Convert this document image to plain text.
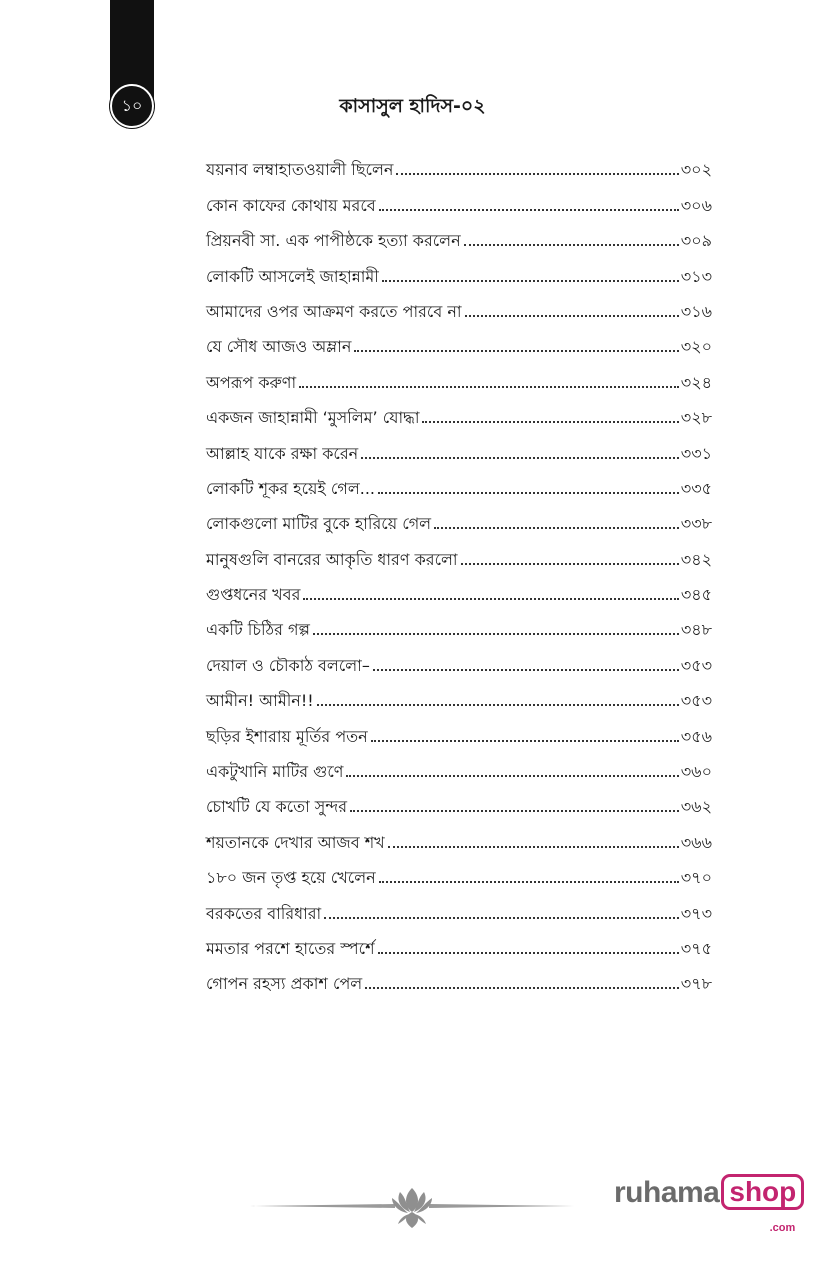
১০	কাসাসুল হাদিস-০২
যয়নাব লম্বাহাতওয়ালী ছিলেন	৩০২
কোন কাফের কোথায় মরবে	৩০৬
প্রিয়নবী সা. এক পাপীষ্ঠকে হত্যা করলেন	৩০৯
লোকটি আসলেই জাহান্নামী	৩১৩
আমাদের ওপর আক্রমণ করতে পারবে না	৩১৬
যে সৌধ আজও অম্লান	৩২০
অপরূপ করুণা	৩২৪
একজন জাহান্নামী ‘মুসলিম’ যোদ্ধা	৩২৮
আল্লাহ যাকে রক্ষা করেন	৩৩১
লোকটি শূকর হয়েই গেল...	৩৩৫
লোকগুলো মাটির বুকে হারিয়ে গেল	৩৩৮
মানুষগুলি বানরের আকৃতি ধারণ করলো	৩৪২
গুপ্তধনের খবর	৩৪৫
একটি চিঠির গল্প	৩৪৮
দেয়াল ও চৌকাঠ বললো–	৩৫৩
আমীন! আমীন!!	৩৫৩
ছড়ির ইশারায় মূর্তির পতন	৩৫৬
একটুখানি মাটির গুণে	৩৬০
চোখটি যে কতো সুন্দর	৩৬২
শয়তানকে দেখার আজব শখ	৩৬৬
১৮০ জন তৃপ্ত হয়ে খেলেন	৩৭০
বরকতের বারিধারা	৩৭৩
মমতার পরশে হাতের স্পর্শে	৩৭৫
গোপন রহস্য প্রকাশ পেল	৩৭৮
ruhama shop
.com
